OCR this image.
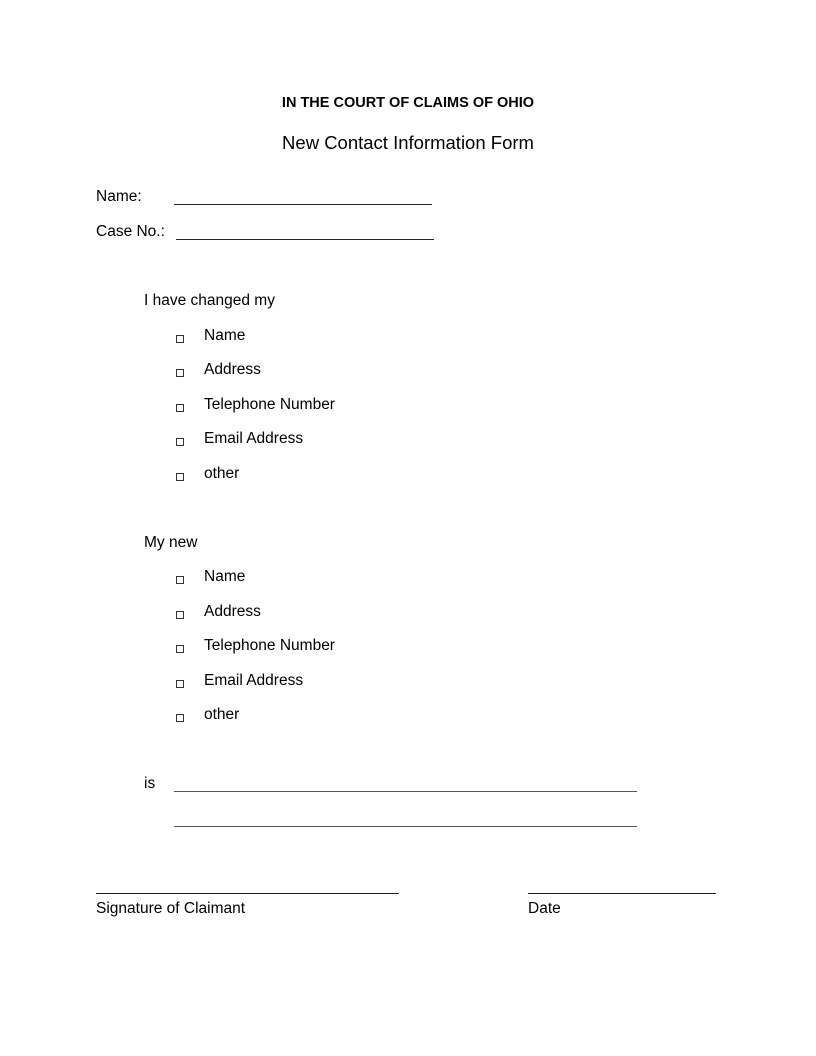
IN THE COURT OF CLAIMS OF OHIO
New Contact Information Form
Name:
Case No.:
I have changed my
Name
Address
Telephone Number
Email Address
other
My new
Name
Address
Telephone Number
Email Address
other
is
Signature of Claimant	Date
